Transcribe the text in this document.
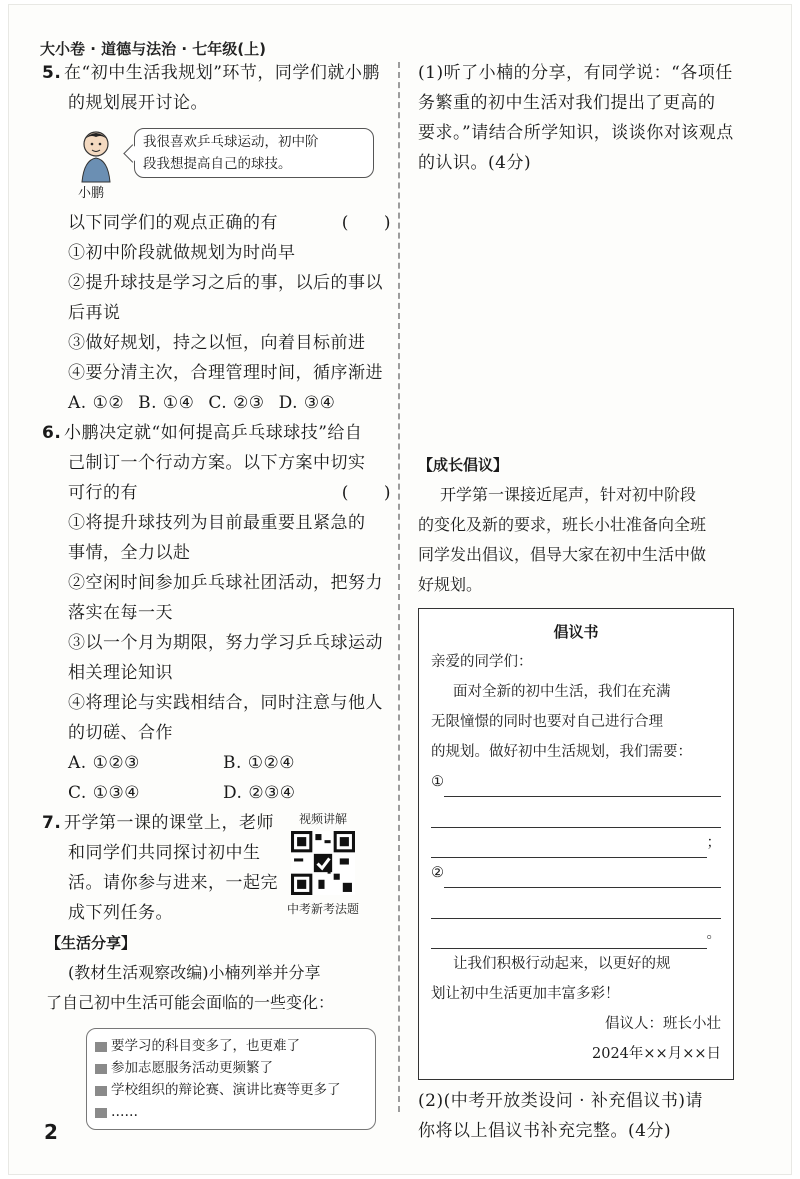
大小卷 · 道德与法治 · 七年级(上)
5. 在“初中生活我规划”环节，同学们就小鹏
的规划展开讨论。
小鹏
我很喜欢乒乓球运动，初中阶
段我想提高自己的球技。
以下同学们的观点正确的有	(　　)
①初中阶段就做规划为时尚早
②提升球技是学习之后的事，以后的事以
后再说
③做好规划，持之以恒，向着目标前进
④要分清主次，合理管理时间，循序渐进
A. ①② B. ①④ C. ②③ D. ③④
6. 小鹏决定就“如何提高乒乓球球技”给自
己制订一个行动方案。以下方案中切实
可行的有	(　　)
①将提升球技列为目前最重要且紧急的
事情，全力以赴
②空闲时间参加乒乓球社团活动，把努力
落实在每一天
③以一个月为期限，努力学习乒乓球运动
相关理论知识
④将理论与实践相结合，同时注意与他人
的切磋、合作
A. ①②③	B. ①②④
C. ①③④	D. ②③④
7. 开学第一课的课堂上，老师
和同学们共同探讨初中生
活。请你参与进来，一起完
成下列任务。
视频讲解
中考新考法题
【生活分享】
(教材生活观察改编)小楠列举并分享
了自己初中生活可能会面临的一些变化：
要学习的科目变多了，也更难了
参加志愿服务活动更频繁了
学校组织的辩论赛、演讲比赛等更多了
……
(1)听了小楠的分享，有同学说：“各项任
务繁重的初中生活对我们提出了更高的
要求。”请结合所学知识，谈谈你对该观点
的认识。(4分)
【成长倡议】
开学第一课接近尾声，针对初中阶段
的变化及新的要求，班长小壮准备向全班
同学发出倡议，倡导大家在初中生活中做
好规划。
倡议书
亲爱的同学们：
面对全新的初中生活，我们在充满
无限憧憬的同时也要对自己进行合理
的规划。做好初中生活规划，我们需要：
①
；
②
。
让我们积极行动起来，以更好的规
划让初中生活更加丰富多彩！
倡议人：班长小壮
2024年××月××日
(2)(中考开放类设问 · 补充倡议书)请
你将以上倡议书补充完整。(4分)
2
